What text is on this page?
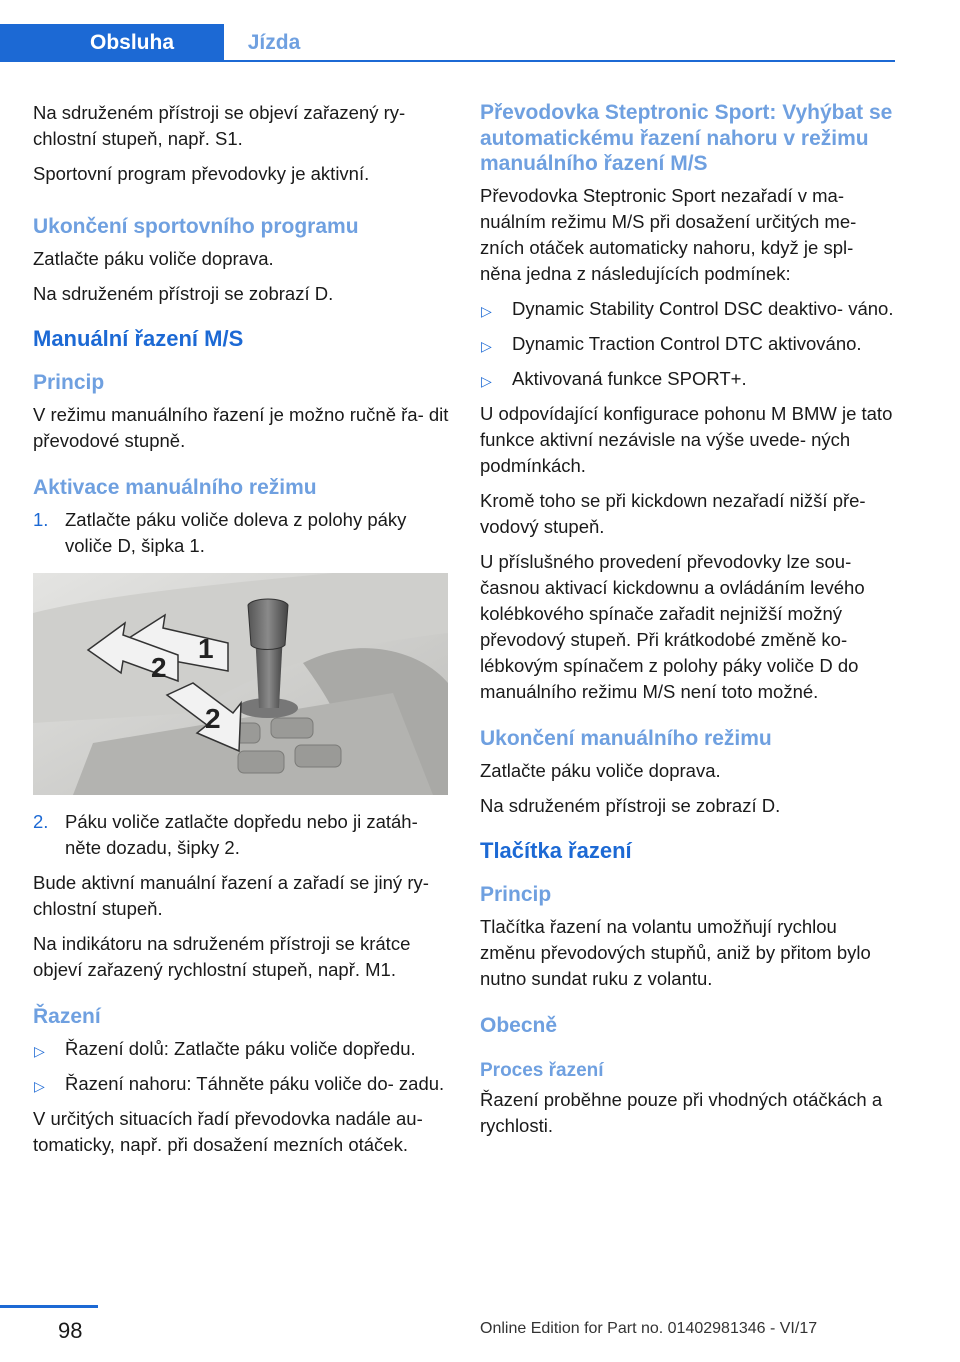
Obsluha	Jízda

Na sdruženém přístroji se objeví zařazený ry‐ chlostní stupeň, např. S1.

Sportovní program převodovky je aktivní.

Ukončení sportovního programu

Zatlačte páku voliče doprava.

Na sdruženém přístroji se zobrazí D.

Manuální řazení M/S
Princip

V režimu manuálního řazení je možno ručně řa‐ dit převodové stupně.

Aktivace manuálního režimu
1. Zatlačte páku voliče doleva z polohy páky voliče D, šipka 1.
2
1
2
2. Páku voliče zatlačte dopředu nebo ji zatáh‐ něte dozadu, šipky 2.

Bude aktivní manuální řazení a zařadí se jiný ry‐ chlostní stupeň.

Na indikátoru na sdruženém přístroji se krátce objeví zařazený rychlostní stupeň, např. M1.

Řazení
▷ Řazení dolů: Zatlačte páku voliče dopředu.
▷ Řazení nahoru: Táhněte páku voliče do‐ zadu.

V určitých situacích řadí převodovka nadále au‐ tomaticky, např. při dosažení mezních otáček.

Převodovka Steptronic Sport: Vyhýbat se automatickému řazení nahoru v režimu manuálního řazení M/S

Převodovka Steptronic Sport nezařadí v ma‐ nuálním režimu M/S při dosažení určitých me‐ zních otáček automaticky nahoru, když je spl‐ něna jedna z následujících podmínek:

▷ Dynamic Stability Control DSC deaktivo‐ váno.
▷ Dynamic Traction Control DTC aktivováno.
▷ Aktivovaná funkce SPORT+.

U odpovídající konfigurace pohonu M BMW je tato funkce aktivní nezávisle na výše uvede‐ ných podmínkách.

Kromě toho se při kickdown nezařadí nižší pře‐ vodový stupeň.

U příslušného provedení převodovky lze sou‐ časnou aktivací kickdownu a ovládáním levého kolébkového spínače zařadit nejnižší možný převodový stupeň. Při krátkodobé změně ko‐ lébkovým spínačem z polohy páky voliče D do manuálního režimu M/S není toto možné.

Ukončení manuálního režimu

Zatlačte páku voliče doprava.

Na sdruženém přístroji se zobrazí D.

Tlačítka řazení
Princip

Tlačítka řazení na volantu umožňují rychlou změnu převodových stupňů, aniž by přitom bylo nutno sundat ruku z volantu.

Obecně
Proces řazení

Řazení proběhne pouze při vhodných otáčkách a rychlosti.

98	Online Edition for Part no. 01402981346 - VI/17
